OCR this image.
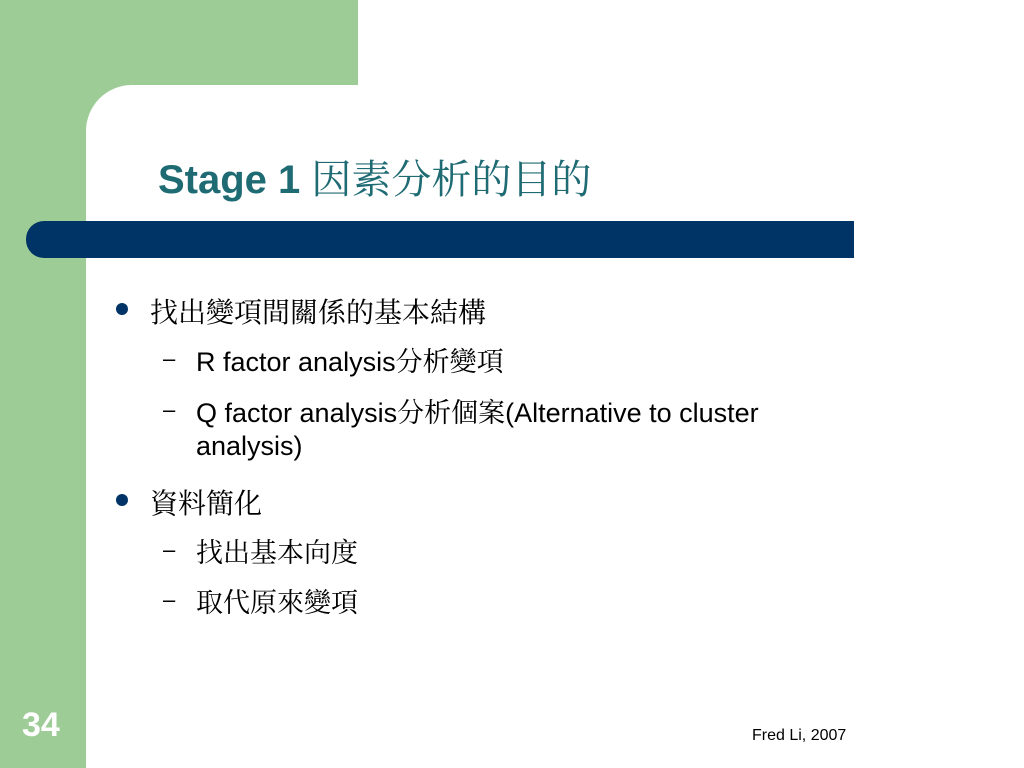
Stage 1 因素分析的目的
找出變項間關係的基本結構
– R factor analysis分析變項
– Q factor analysis分析個案(Alternative to cluster
analysis)
資料簡化
– 找出基本向度
– 取代原來變項
34	Fred Li, 2007
